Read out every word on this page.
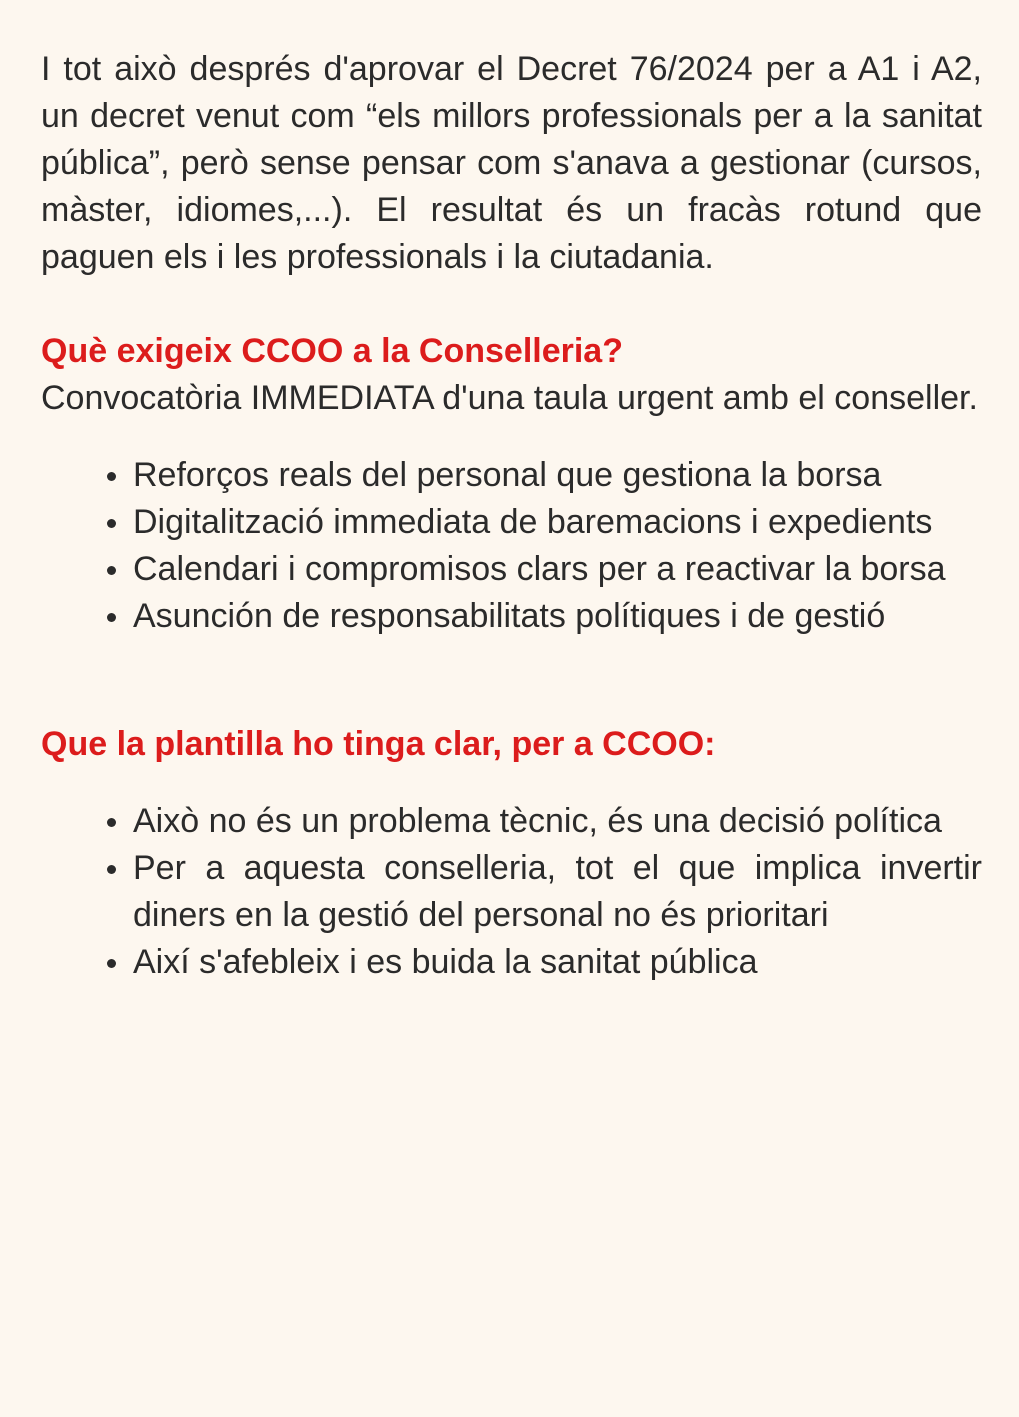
I tot això després d'aprovar el Decret 76/2024 per a A1 i A2, un decret venut com “els millors professionals per a la sanitat pública”, però sense pensar com s'anava a gestionar (cursos, màster, idiomes,...). El resultat és un fracàs rotund que paguen els i les professionals i la ciutadania.

Què exigeix CCOO a la Conselleria?

Convocatòria IMMEDIATA d'una taula urgent amb el conseller.

Reforços reals del personal que gestiona la borsa
Digitalització immediata de baremacions i expedients
Calendari i compromisos clars per a reactivar la borsa
Asunción de responsabilitats polítiques i de gestió
Que la plantilla ho tinga clar, per a CCOO:
Això no és un problema tècnic, és una decisió política
Per a aquesta conselleria, tot el que implica invertir diners en la gestió del personal no és prioritari
Així s'afebleix i es buida la sanitat pública
